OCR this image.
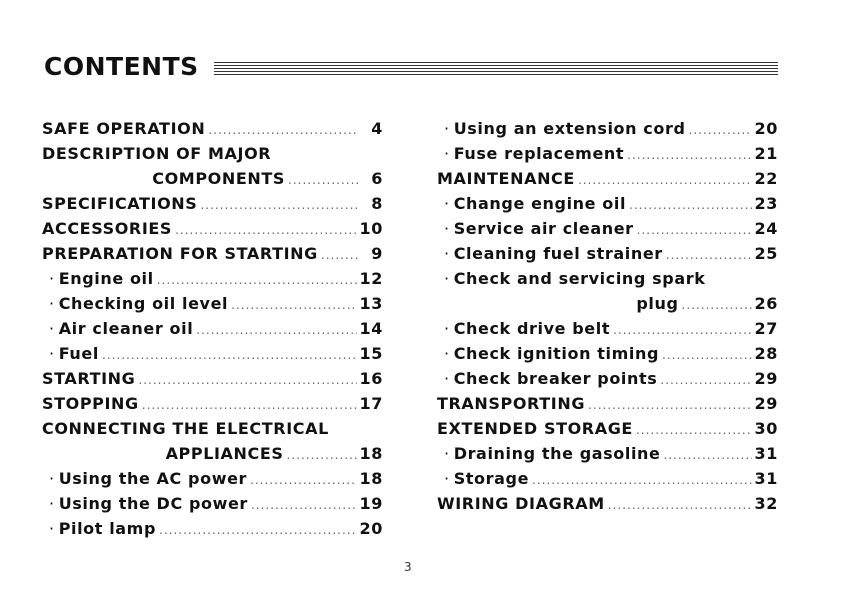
CONTENTS
SAFE OPERATION .....	4
DESCRIPTION OF MAJOR
COMPONENTS .....	6
SPECIFICATIONS .....	8
ACCESSORIES .....	10
PREPARATION FOR STARTING .....	9
· Engine oil .....	12
· Checking oil level .....	13
· Air cleaner oil .....	14
· Fuel .....	15
STARTING .....	16
STOPPING .....	17
CONNECTING THE ELECTRICAL
APPLIANCES .....	18
· Using the AC power .....	18
· Using the DC power .....	19
· Pilot lamp .....	20
· Using an extension cord .....	20
· Fuse replacement .....	21
MAINTENANCE .....	22
· Change engine oil .....	23
· Service air cleaner .....	24
· Cleaning fuel strainer .....	25
· Check and servicing spark
plug .....	26
· Check drive belt .....	27
· Check ignition timing .....	28
· Check breaker points .....	29
TRANSPORTING .....	29
EXTENDED STORAGE .....	30
· Draining the gasoline .....	31
· Storage .....	31
WIRING DIAGRAM .....	32
3
